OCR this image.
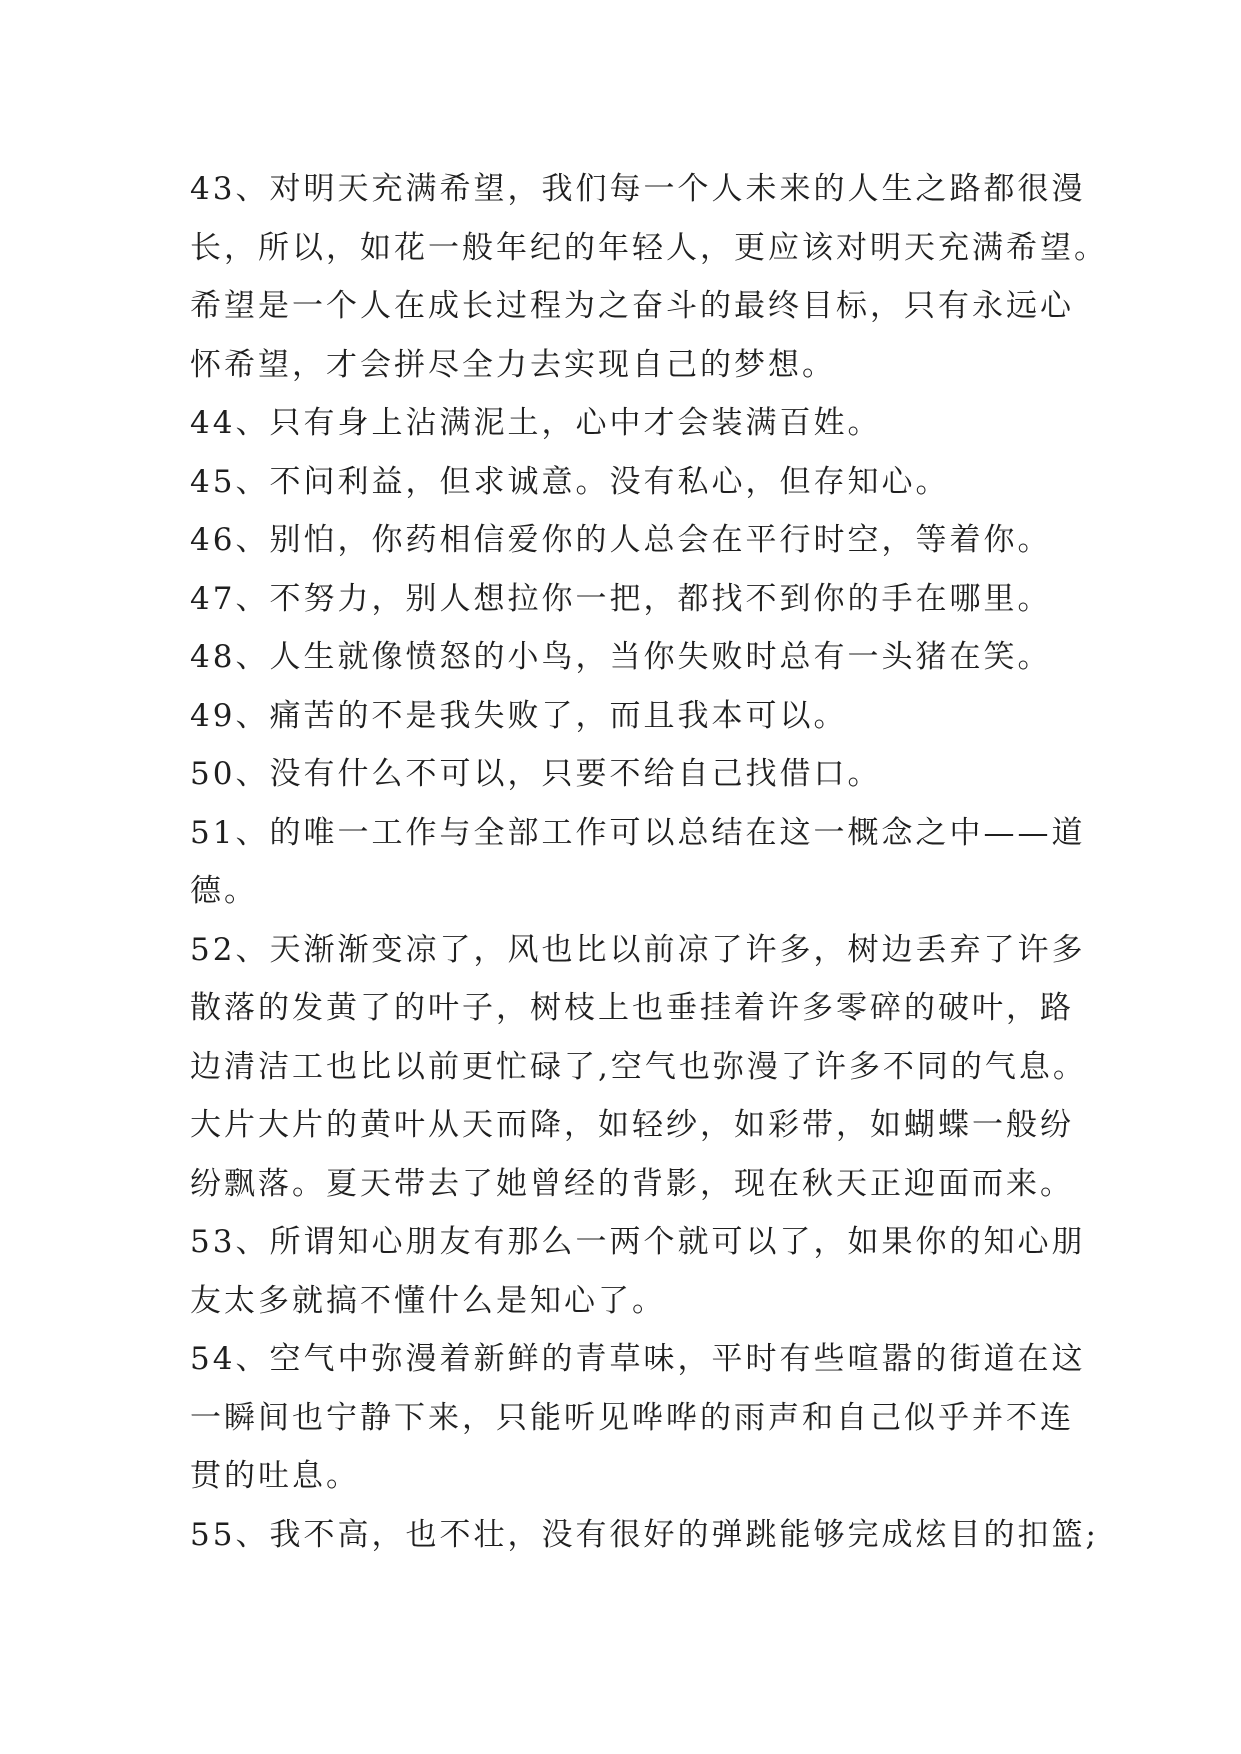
43、对明天充满希望，我们每一个人未来的人生之路都很漫
长，所以，如花一般年纪的年轻人，更应该对明天充满希望。
希望是一个人在成长过程为之奋斗的最终目标，只有永远心
怀希望，才会拼尽全力去实现自己的梦想。
44、只有身上沾满泥土，心中才会装满百姓。
45、不问利益，但求诚意。没有私心，但存知心。
46、别怕，你药相信爱你的人总会在平行时空，等着你。
47、不努力，别人想拉你一把，都找不到你的手在哪里。
48、人生就像愤怒的小鸟，当你失败时总有一头猪在笑。
49、痛苦的不是我失败了，而且我本可以。
50、没有什么不可以，只要不给自己找借口。
51、的唯一工作与全部工作可以总结在这一概念之中——道
德。
52、天渐渐变凉了，风也比以前凉了许多，树边丢弃了许多
散落的发黄了的叶子，树枝上也垂挂着许多零碎的破叶，路
边清洁工也比以前更忙碌了,空气也弥漫了许多不同的气息。
大片大片的黄叶从天而降，如轻纱，如彩带，如蝴蝶一般纷
纷飘落。夏天带去了她曾经的背影，现在秋天正迎面而来。
53、所谓知心朋友有那么一两个就可以了，如果你的知心朋
友太多就搞不懂什么是知心了。
54、空气中弥漫着新鲜的青草味，平时有些喧嚣的街道在这
一瞬间也宁静下来，只能听见哗哗的雨声和自己似乎并不连
贯的吐息。
55、我不高，也不壮，没有很好的弹跳能够完成炫目的扣篮;
